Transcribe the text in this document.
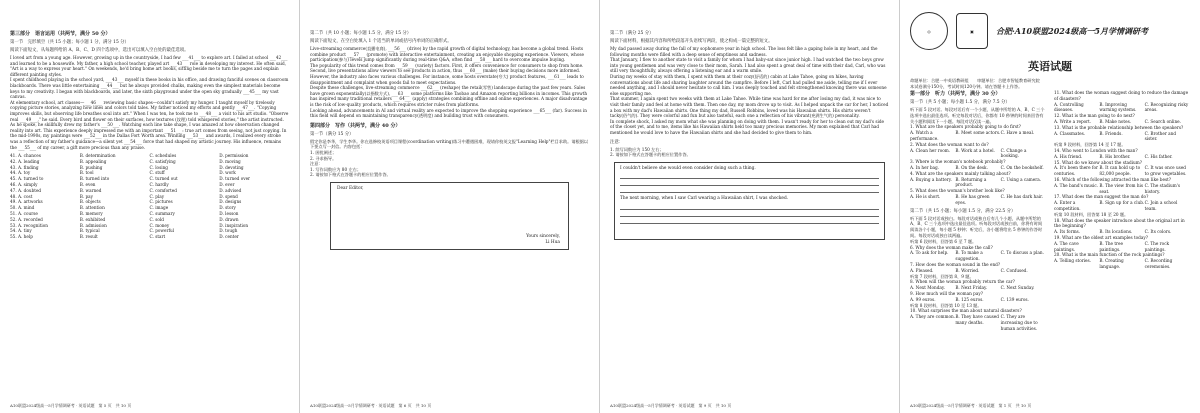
第三部分　语言运用（共两节，满分 50 分）

第一节　完形填空（共 15 小题；每小题 1 分，满分 15 分）

阅读下面短文，从每题所给的 A、B、C、D 四个选项中，选出可以填入空白处的最佳选项。

I loved art from a young age. However, growing up in the countryside, I had few ___41___ to explore art. I failed at school ___42___ and learned to be a housewife. My father, a high school teacher, played art ___43___ role in developing my interest. He often said, "Art is a way to express your heart." On weekends, he'd bring home art books, sitting beside me to turn the pages and explain different painting styles.
I spent childhood playing in the school yard, ___43___ myself in these books in his office, and drawing fanciful scenes on classroom blackboards. There was little entertaining ___44___ but he always provided chalks, making even the simplest materials become keys to my creativity. I began with blackboards, and later, the sixth playground under the open sky gradually ___45___ my vast canvas.
At elementary school, art classes—___46___ reviewing basic shapes—couldn't satisfy my hunger. I taught myself by tirelessly copying picture stories, analyzing how lines and colors told tales. My father noticed my efforts and gently ___47___. "Copying improves skills, but observing life breathes soul into art." When I was ten, he took me to ___48___ a visit to his art studio. "Observe real ___49___," he said. Every bird and flower on their surfaces, how textures (纹理) told whispered stories," the artist instructed.
As he spoke, he skillfully drew my father's ___50___. Watching each line take shape, I was amazed at how observation changed reality into art. This experience deeply impressed me with an important ___51___: true art comes from seeing, not just copying. In the mid-1990s, my paintings were ___52___ in the Dallas Fort Worth area. Winning ___53___ and awards, I realized every stroke was a reflection of my father's guidance—a silent yet ___54___ force that had shaped my artistic journey. His influence, remains the ___55___ of my career, a gift more precious than any praise.

41. A. chances	B. determination	C. schedules	D. permission
42. A. leading	B. appealing	C. satisfying	D. moving
43. A. finding	B. pushing	C. losing	D. devoting
44. A. toy	B. tool	C. stuff	D. work
45. A. turned to	B. turned into	C. turned out	D. turned over
46. A. simply	B. even	C. hardly	D. ever
47. A. doubted	B. warned	C. comforted	D. advised
48. A. cost	B. pay	C. play	D. spend
49. A. artworks	B. objects	C. pictures	D. designs
50. A. mind	B. attention	C. image	D. story
51. A. course	B. memory	C. summary	D. lesson
52. A. recorded	B. exhibited	C. sold	D. drawn
53. A. recognition	B. admission	C. money	D. inspiration
54. A. tiny	B. typical	C. powerful	D. tough
55. A. help	B. result	C. start	D. center
A10联盟2024级高一5月学情调研考 · 英语试题　第 5 页　共 10 页

第二节（共 10 小题；每小题 1.5 分，满分 15 分）

阅读下面短文，在空白处填入 1 个适当的单词或括号内单词的正确形式。

Live-streaming commerce(直播电商), ___56___ (drive) by the rapid growth of digital technology, has become a global trend. Hosts combine product ___57___ (promote) with interactive entertainment, creating an enjoyable shopping experience. Viewers, whose participation(参与) levels jump significantly during real-time Q&A, often find ___58___ hard to overcome impulse buying.
The popularity of this trend comes from ___59___ (variety) factors. First, it offers convenience for consumers to shop from home. Second, live presentations allow viewers to see products in action, thus ___60___ (make) their buying decisions more informed. However, the industry also faces various challenges. For instance, some hosts overstate(夸大) product features, ___61___ leads to disappointment and complaint when goods fail to meet expectations.
Despite these challenges, live-streaming commerce ___62___ (reshape) the retail(零售) landscape during the past few years. Sales have grown exponentially(以指数方式), ___63___ some platforms like Taobao and Amazon reporting billions in incomes. This growth has inspired many traditional retailers ___64___ (apply) strategies combining offline and online experiences. A major disadvantage is the risk of low-quality products, which requires stricter rules from platforms.
Looking ahead, advancements in AI and virtual reality are expected to improve the shopping experience ___65___ (far). Success in this field will depend on maintaining transparency(透明度) and building trust with consumers.

第四部分　写作（共两节，满分 40 分）

第一节（满分 15 分）

假定你是李华，学生李华。你在选修校英语项目课程(coordination writing)练习中遭遇困难，现请你校英文报"Learning Help"栏目求助。请根据以下要点写一封信。内容包括：
1. 困扰阐述；
2. 寻求指导。
注意：
1. 写作词数应为 80 左右；
2. 请按如下格式在答题卡的相应位置作答。

Dear Editor,
Yours sincerely,
Li Hua
A10联盟2024级高一5月学情调研考 · 英语试题　第 6 页　共 10 页

第二节（满分 25 分）

阅读下面材料，根据其内容和所给段落开头语续写两段，使之构成一篇完整的短文。

My dad passed away during the fall of my sophomore year in high school. The loss felt like a gaping hole in my heart, and the following months were filled with a deep sense of emptiness and sadness.
That January, I flew to another state to visit a family for whom I had baby-sat since junior high. I had watched the two boys grow into young gentlemen and was very close to their mom, Sarah. I had also spent a great deal of time with their dad, Carl, who was still very thoughtfully, always offering a listening ear and a warm smile.
During my weeks of stay with them, I spent with them at their cozy(舒适的) cabin at Lake Tahoe, going on hikes, having conversations about life and sharing laughter around the campfire. Before I left, Carl had pulled me aside, telling me if I ever needed anything, and I should never hesitate to call him. I was deeply touched and felt strengthened knowing there was someone else supporting me.
That summer, I again spent two weeks with them at Lake Tahoe. While time was hard for me after losing my dad, it was nice to visit their family and feel at home with them. Then one day, my mom drove up to visit. As I helped unpack the car for her, I noticed a box with my dad's Hawaiian shirts. One thing my dad, Russell Robbins, loved was his Hawaiian shirts. His shirts weren't tacky(俗气的). They were colorful and fun but also tasteful, each one a reflection of his vibrant(充满生气的) personality.
In complete shock, I asked my mom what she was planning on doing with them. I wasn't ready for her to clean out my dad's side of the closet yet, and to me, items like his Hawaiian shirts held too many precious memories. My mom explained that Carl had mentioned he would love to have the Hawaiian shirts and she had decided to give them to him.

注意：

1. 续写词数应为 150 左右；
2. 请按如下格式在答题卡的相应位置作答。

I couldn't believe she would even consider doing such a thing.
The next morning, when I saw Carl wearing a Hawaiian shirt, I was shocked.
A10联盟2024级高一5月学情调研考 · 英语试题　第 9 页　共 10 页
◎	▣	合肥·A10联盟2024级高一5月学情调研考
英语试题
命题单位：合肥一中英语教研组　　审题单位：合肥市智能教育研究院
本试卷满分150分，考试时间120分钟。请在答题卡上作答。

第一部分　听力（共两节，满分 30 分）

第一节（共 5 小题；每小题 1.5 分，满分 7.5 分）

听下面 5 段对话。每段对话后有一个小题，从题中所给的 A、B、C 三个选项中选出最佳选项。听完每段对话后，你都有 10 秒钟的时间来回答有关小题和阅读下一小题。每段对话仅读一遍。

1. What are the speakers probably going to do first?

A. Watch a performance.
B. Meet some actors. C. Have a meal.

2. What does the woman want to do?

A. Clean her room.	B. Work at a hotel.	C. Change a booking.

3. Where is the woman's notebook probably?

A. In her bag.	B. On the desk.	C. On the bookshelf.

4. What are the speakers mainly talking about?

A. Buying a battery. B. Returning a product.
C. Using a camera.

5. What does the woman's brother look like?

A. He is short.	B. He has green eyes.
C. He has dark hair.

第二节（共 15 小题；每小题 1.5 分，满分 22.5 分）

听下面 5 段对话或独白。每段对话或独白后有几个小题，从题中所给的 A、B、C 三个选项中选出最佳选项。听每段对话或独白前，你将有时间阅读各个小题，每小题 5 秒钟；听完后，各小题将给出 5 秒钟的作答时间。每段对话或独白读两遍。

听第 6 段材料，回答第 6 至 7 题。

6. Why does the woman make the call?

A. To ask for help.	B. To make a suggestion.
C. To discuss a plan.

7. How does the woman sound in the end?

A. Pleased.	B. Worried.	C. Confused.

听第 7 段材料，回答第 8、9 题。

8. When will the woman probably return the car?

A. Next Monday.	B. Next Friday.	C. Next Sunday.

9. How much will the woman pay?

A. 99 euros.	B. 125 euros.	C. 139 euros.

听第 8 段材料，回答第 10 至 13 题。

10. What surprises the man about natural disasters?

A. They are common. B. They have caused many deaths.
C. They are increasing due to human activities.

11. What does the woman suggest doing to reduce the damage of disasters?

A. Controlling diseases.
B. Improving warning systems.
C. Recognizing risky areas.

12. What is the man going to do next?

A. Write a report.	B. Make notes.	C. Search online.

13. What is the probable relationship between the speakers?

A. Classmates.	B. Friends.	C. Brother and sister.

听第 9 段材料，回答第 14 至 17 题。

14. Who went to London with the man?

A. His friend.	B. His brother.	C. His father.

15. What do we know about the stadium?

A. It's been there for centuries.
B. It can hold up to 82,000 people.
C. It was once used to grow vegetables.

16. Which of the following attracted the man like best?

A. The band's music. B. The view from his seat.
C. The stadium's history.

17. What does the man suggest the man do?

A. Enter a competition.
B. Sign up for a club. C. Join a school team.

听第 10 段材料，回答第 18 至 20 题。

18. What does the speaker introduce about the original art in the beginning?

A. Its forms.	B. Its locations.	C. Its colors.

19. What are the oldest art examples today?

A. The cave paintings.
B. The tree paintings.
C. The rock paintings.

20. What is the main function of the rock paintings?

A. Telling stories.	B. Creating language.
C. Recording ceremonies.
A10联盟2024级高一5月学情调研考 · 英语试题　第 1 页　共 10 页
